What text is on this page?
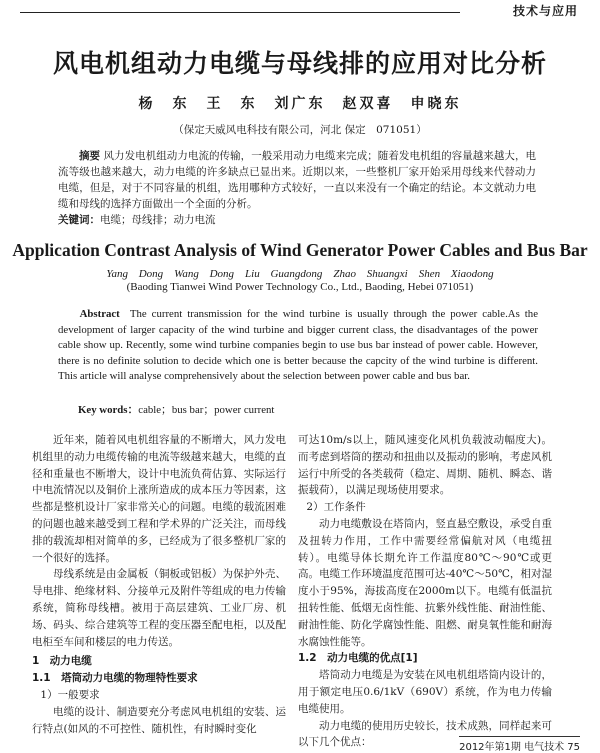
技术与应用
风电机组动力电缆与母线排的应用对比分析
杨　东　王　东　刘广东　赵双喜　申晓东
（保定天威风电科技有限公司，河北 保定　071051）
摘要 风力发电机组动力电流的传输，一般采用动力电缆来完成；随着发电机组的容量越来越大，电流等级也越来越大，动力电缆的许多缺点已显出来。近期以来，一些整机厂家开始采用母线来代替动力电缆，但是，对于不同容量的机组，选用哪种方式较好，一直以来没有一个确定的结论。本文就动力电缆和母线的选择方面做出一个全面的分析。
关键词：电缆；母线排；动力电流
Application Contrast Analysis of Wind Generator Power Cables and Bus Bar
Yang Dong　Wang Dong　Liu Guangdong　Zhao Shuangxi　Shen Xiaodong
(Baoding Tianwei Wind Power Technology Co., Ltd., Baoding, Hebei 071051)
Abstract The current transmission for the wind turbine is usually through the power cable.As the development of larger capacity of the wind turbine and bigger current class, the disadvantages of the power cable show up. Recently, some wind turbine companies begin to use bus bar instead of power cable. However, there is no definite solution to decide which one is better because the capcity of the wind turbine is different. This article will analyse comprehensively about the selection between power cable and bus bar.
Key words：cable；bus bar；power current

近年来，随着风电机组容量的不断增大，风力发电机组里的动力电缆传输的电流等级越来越大，电缆的直径和重量也不断增大，设计中电流负荷估算、实际运行中电流情况以及铜价上涨所造成的成本压力等因素，这些都是整机设计厂家非常关心的问题。电缆的载流困难的问题也越来越受到工程和学术界的广泛关注，而母线排的载流却相对简单的多，已经成为了很多整机厂家的一个很好的选择。

母线系统是由金属板（铜板或铝板）为保护外壳、导电排、绝缘材料、分接单元及附件等组成的电力传输系统，简称母线槽。被用于高层建筑、工业厂房、机场、码头、综合建筑等工程的变压器至配电柜，以及配电柜至车间和楼层的电力传送。

1　动力电缆

1.1　塔筒动力电缆的物理特性要求

1）一般要求

电缆的设计、制造要充分考虑风电机组的安装、运行特点(如风的不可控性、随机性，有时瞬时变化

可达10m/s以上，随风速变化风机负载波动幅度大)。而考虑到塔筒的摆动和扭曲以及振动的影响，考虑风机运行中所受的各类载荷（稳定、周期、随机、瞬态、谐振载荷），以满足现场使用要求。

2）工作条件

动力电缆敷设在塔筒内，竖直悬空敷设，承受自重及扭转力作用，工作中需要经常偏航对风（电缆扭转）。电缆导体长期允许工作温度80℃～90℃或更高。电缆工作环境温度范围可达-40℃～50℃，相对湿度小于95%，海拔高度在2000m以下。电缆有低温抗扭转性能、低烟无卤性能、抗紫外线性能、耐油性能、耐油性能、防化学腐蚀性能、阻燃、耐臭氧性能和耐海水腐蚀性能等。

1.2　动力电缆的优点[1]

塔筒动力电缆是为安装在风电机组塔筒内设计的，用于额定电压0.6/1kV（690V）系统，作为电力传输电缆使用。

动力电缆的使用历史较长，技术成熟，同样起来可以下几个优点：	2012年第1期 电气技术 75
